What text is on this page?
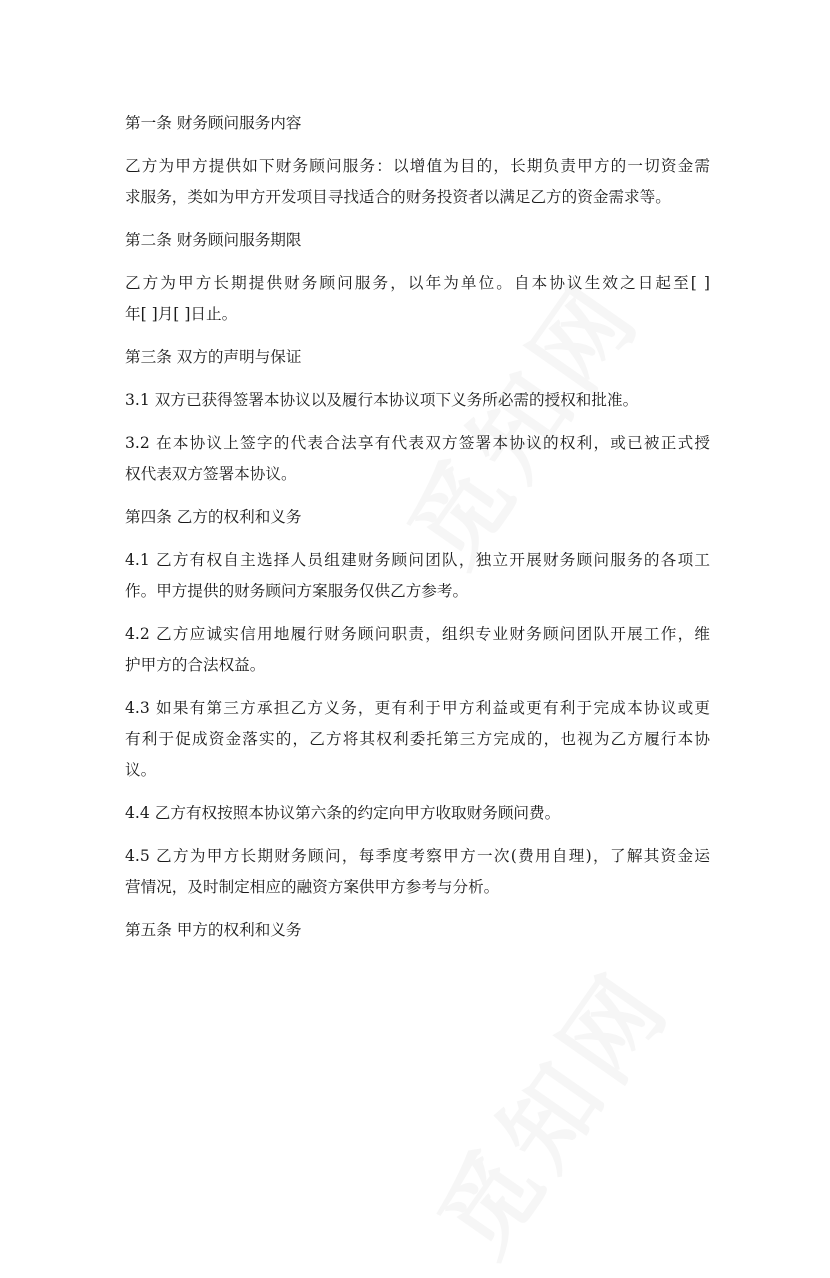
第一条 财务顾问服务内容
乙方为甲方提供如下财务顾问服务：以增值为目的，长期负责甲方的一切资金需
求服务，类如为甲方开发项目寻找适合的财务投资者以满足乙方的资金需求等。
第二条 财务顾问服务期限
乙方为甲方长期提供财务顾问服务，以年为单位。自本协议生效之日起至[ ]
年[ ]月[ ]日止。
第三条 双方的声明与保证
3.1 双方已获得签署本协议以及履行本协议项下义务所必需的授权和批准。
3.2 在本协议上签字的代表合法享有代表双方签署本协议的权利，或已被正式授
权代表双方签署本协议。
第四条 乙方的权利和义务
4.1 乙方有权自主选择人员组建财务顾问团队，独立开展财务顾问服务的各项工
作。甲方提供的财务顾问方案服务仅供乙方参考。
4.2 乙方应诚实信用地履行财务顾问职责，组织专业财务顾问团队开展工作，维
护甲方的合法权益。
4.3 如果有第三方承担乙方义务，更有利于甲方利益或更有利于完成本协议或更
有利于促成资金落实的，乙方将其权利委托第三方完成的，也视为乙方履行本协
议。
4.4 乙方有权按照本协议第六条的约定向甲方收取财务顾问费。
4.5 乙方为甲方长期财务顾问，每季度考察甲方一次(费用自理)，了解其资金运
营情况，及时制定相应的融资方案供甲方参考与分析。
第五条 甲方的权利和义务
